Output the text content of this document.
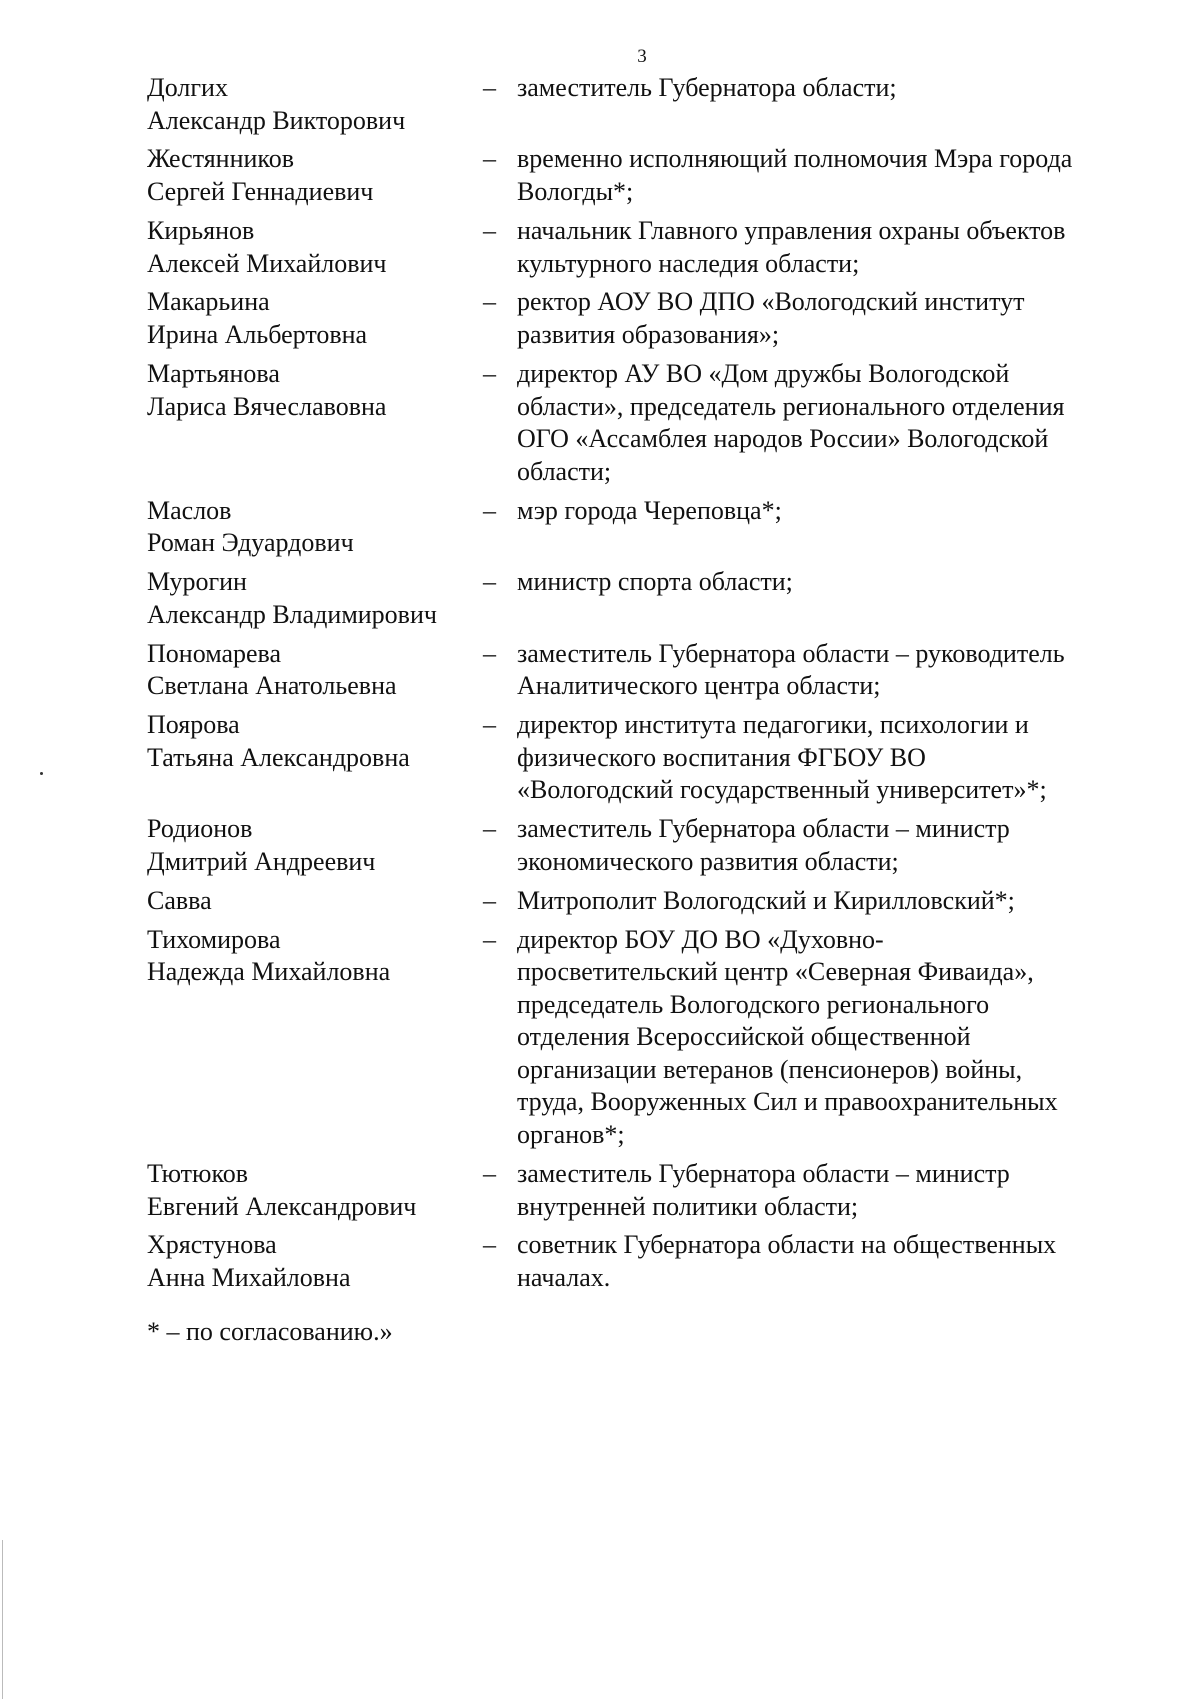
3
Долгих
Александр Викторович
– заместитель Губернатора области;
Жестянников
Сергей Геннадиевич
– временно исполняющий полномочия Мэра города
Вологды*;
Кирьянов
Алексей Михайлович
– начальник Главного управления охраны объектов
культурного наследия области;
Макарьина
Ирина Альбертовна
– ректор АОУ ВО ДПО «Вологодский институт
развития образования»;
Мартьянова
Лариса Вячеславовна
– директор АУ ВО «Дом дружбы Вологодской
области», председатель регионального отделения
ОГО «Ассамблея народов России» Вологодской
области;
Маслов
Роман Эдуардович
– мэр города Череповца*;
Мурогин
Александр Владимирович
– министр спорта области;
Пономарева
Светлана Анатольевна
– заместитель Губернатора области – руководитель
Аналитического центра области;
Поярова
Татьяна Александровна
– директор института педагогики, психологии и
физического воспитания ФГБОУ ВО
«Вологодский государственный университет»*;
Родионов
Дмитрий Андреевич
– заместитель Губернатора области – министр
экономического развития области;
Савва	– Митрополит Вологодский и Кирилловский*;
Тихомирова
Надежда Михайловна
– директор БОУ ДО ВО «Духовно-
просветительский центр «Северная Фиваида»,
председатель Вологодского регионального
отделения Всероссийской общественной
организации ветеранов (пенсионеров) войны,
труда, Вооруженных Сил и правоохранительных
органов*;
Тютюков
Евгений Александрович
– заместитель Губернатора области – министр
внутренней политики области;
Хрястунова
Анна Михайловна
– советник Губернатора области на общественных
началах.
* – по согласованию.»
